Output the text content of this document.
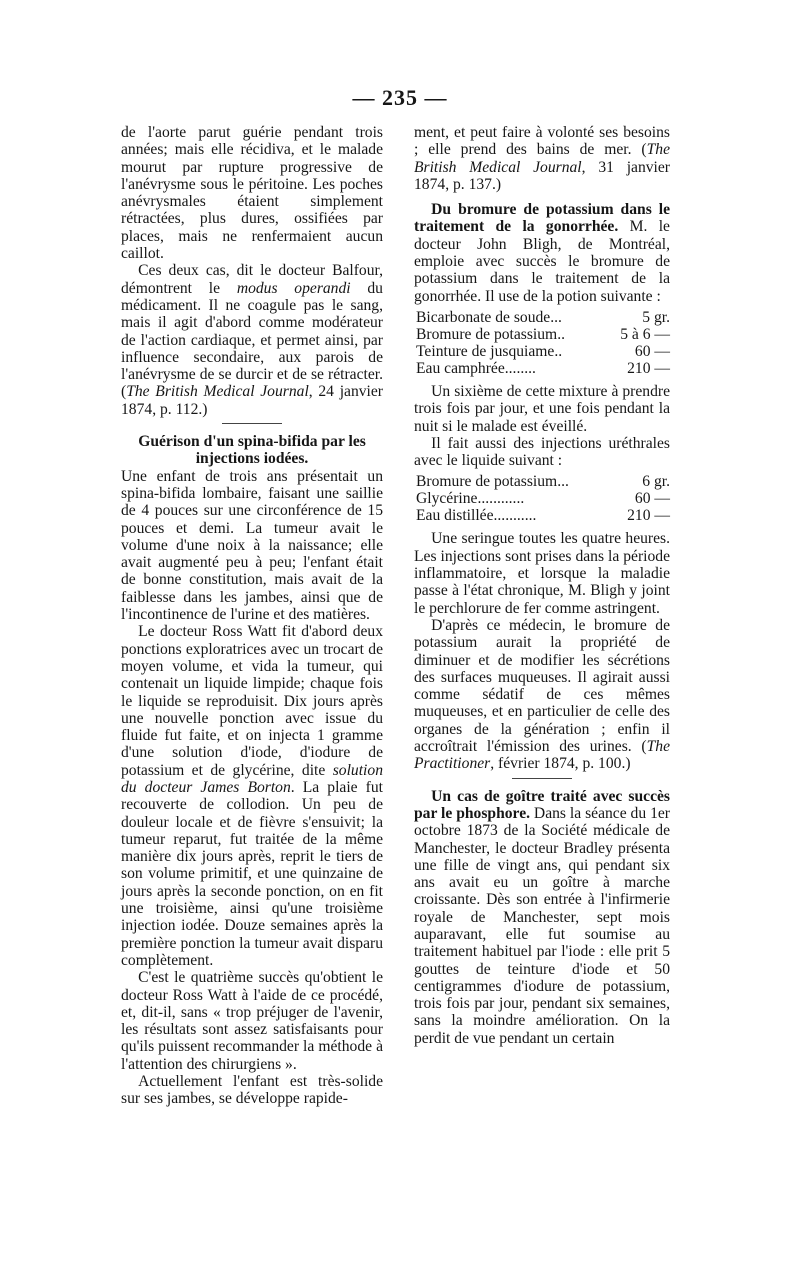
— 235 —

de l'aorte parut guérie pendant trois années; mais elle récidiva, et le malade mourut par rupture progressive de l'anévrysme sous le péritoine. Les poches anévrysmales étaient simplement rétractées, plus dures, ossifiées par places, mais ne renfermaient aucun caillot.

Ces deux cas, dit le docteur Balfour, démontrent le modus operandi du médicament. Il ne coagule pas le sang, mais il agit d'abord comme modérateur de l'action cardiaque, et permet ainsi, par influence secondaire, aux parois de l'anévrysme de se durcir et de se rétracter. (The British Medical Journal, 24 janvier 1874, p. 112.)

Guérison d'un spina-bifida par les injections iodées.

Une enfant de trois ans présentait un spina-bifida lombaire, faisant une saillie de 4 pouces sur une circonférence de 15 pouces et demi. La tumeur avait le volume d'une noix à la naissance; elle avait augmenté peu à peu; l'enfant était de bonne constitution, mais avait de la faiblesse dans les jambes, ainsi que de l'incontinence de l'urine et des matières.

Le docteur Ross Watt fit d'abord deux ponctions exploratrices avec un trocart de moyen volume, et vida la tumeur, qui contenait un liquide limpide; chaque fois le liquide se reproduisit. Dix jours après une nouvelle ponction avec issue du fluide fut faite, et on injecta 1 gramme d'une solution d'iode, d'iodure de potassium et de glycérine, dite solution du docteur James Borton. La plaie fut recouverte de collodion. Un peu de douleur locale et de fièvre s'ensuivit; la tumeur reparut, fut traitée de la même manière dix jours après, reprit le tiers de son volume primitif, et une quinzaine de jours après la seconde ponction, on en fit une troisième, ainsi qu'une troisième injection iodée. Douze semaines après la première ponction la tumeur avait disparu complètement.

C'est le quatrième succès qu'obtient le docteur Ross Watt à l'aide de ce procédé, et, dit-il, sans « trop préjuger de l'avenir, les résultats sont assez satisfaisants pour qu'ils puissent recommander la méthode à l'attention des chirurgiens ».

Actuellement l'enfant est très-solide sur ses jambes, se développe rapide-

ment, et peut faire à volonté ses besoins ; elle prend des bains de mer. (The British Medical Journal, 31 janvier 1874, p. 137.)

Du bromure de potassium dans le traitement de la gonorrhée. M. le docteur John Bligh, de Montréal, emploie avec succès le bromure de potassium dans le traitement de la gonorrhée. Il use de la potion suivante :

Bicarbonate de soude...	5 gr.
Bromure de potassium..	5 à 6 —
Teinture de jusquiame..	60 —
Eau camphrée........	210 —

Un sixième de cette mixture à prendre trois fois par jour, et une fois pendant la nuit si le malade est éveillé.

Il fait aussi des injections uréthrales avec le liquide suivant :

Bromure de potassium...	6 gr.
Glycérine............	60 —
Eau distillée...........	210 —

Une seringue toutes les quatre heures. Les injections sont prises dans la période inflammatoire, et lorsque la maladie passe à l'état chronique, M. Bligh y joint le perchlorure de fer comme astringent.

D'après ce médecin, le bromure de potassium aurait la propriété de diminuer et de modifier les sécrétions des surfaces muqueuses. Il agirait aussi comme sédatif de ces mêmes muqueuses, et en particulier de celle des organes de la génération ; enfin il accroîtrait l'émission des urines. (The Practitioner, février 1874, p. 100.)

Un cas de goître traité avec succès par le phosphore. Dans la séance du 1er octobre 1873 de la Société médicale de Manchester, le docteur Bradley présenta une fille de vingt ans, qui pendant six ans avait eu un goître à marche croissante. Dès son entrée à l'infirmerie royale de Manchester, sept mois auparavant, elle fut soumise au traitement habituel par l'iode : elle prit 5 gouttes de teinture d'iode et 50 centigrammes d'iodure de potassium, trois fois par jour, pendant six semaines, sans la moindre amélioration. On la perdit de vue pendant un certain
